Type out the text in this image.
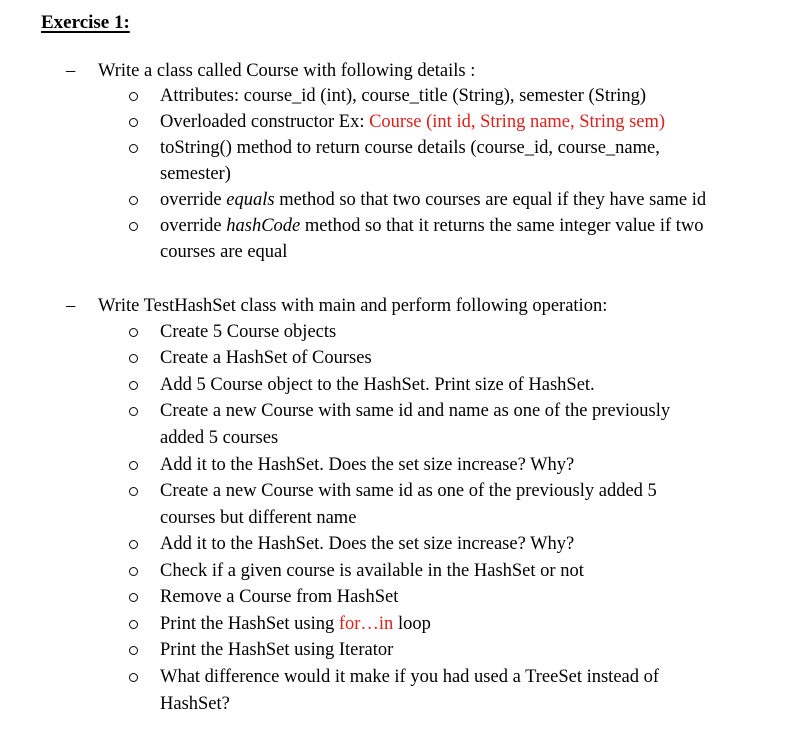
Exercise 1:
– Write a class called Course with following details :
Attributes: course_id (int), course_title (String), semester (String)
Overloaded constructor Ex: Course (int id, String name, String sem)
toString() method to return course details (course_id, course_name,
semester)
override equals method so that two courses are equal if they have same id
override hashCode method so that it returns the same integer value if two
courses are equal
– Write TestHashSet class with main and perform following operation:
Create 5 Course objects
Create a HashSet of Courses
Add 5 Course object to the HashSet. Print size of HashSet.
Create a new Course with same id and name as one of the previously
added 5 courses
Add it to the HashSet. Does the set size increase? Why?
Create a new Course with same id as one of the previously added 5
courses but different name
Add it to the HashSet. Does the set size increase? Why?
Check if a given course is available in the HashSet or not
Remove a Course from HashSet
Print the HashSet using for…in loop
Print the HashSet using Iterator
What difference would it make if you had used a TreeSet instead of
HashSet?
